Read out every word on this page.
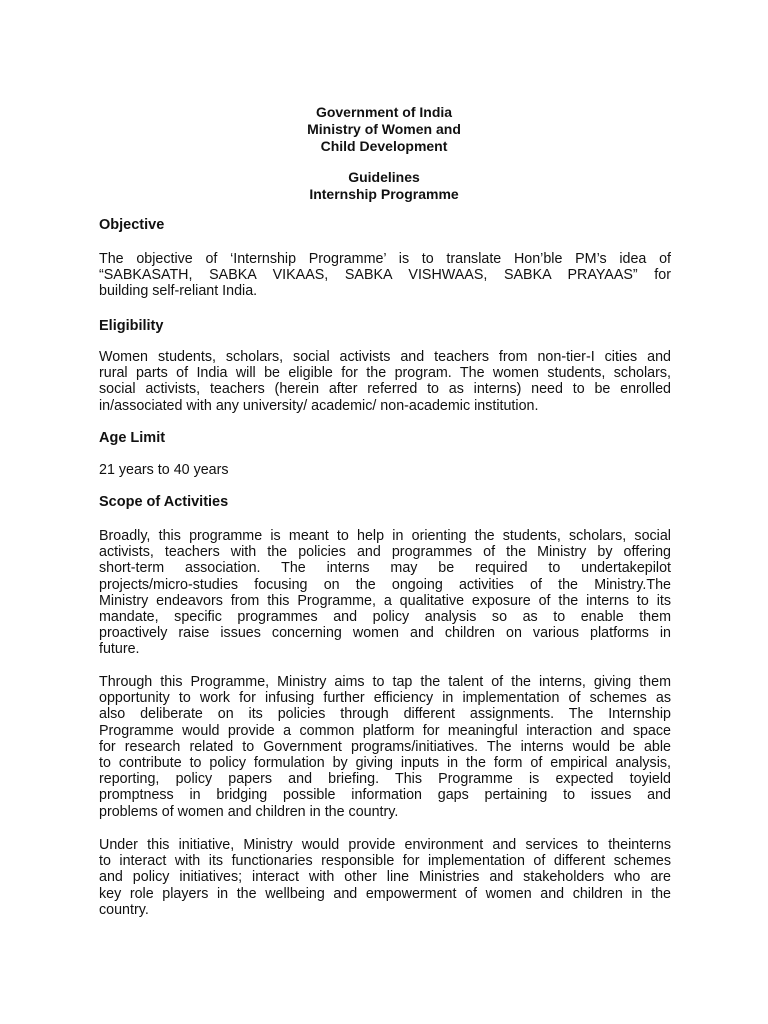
Government of India
Ministry of Women and
Child Development
Guidelines
Internship Programme
Objective
The objective of ‘Internship Programme’ is to translate Hon’ble PM’s idea of
“SABKASATH, SABKA VIKAAS, SABKA VISHWAAS, SABKA PRAYAAS” for
building self-reliant India.
Eligibility
Women students, scholars, social activists and teachers from non-tier-I cities and
rural parts of India will be eligible for the program. The women students, scholars,
social activists, teachers (herein after referred to as interns) need to be enrolled
in/associated with any university/ academic/ non-academic institution.
Age Limit
21 years to 40 years
Scope of Activities
Broadly, this programme is meant to help in orienting the students, scholars, social
activists, teachers with the policies and programmes of the Ministry by offering
short-term association. The interns may be required to undertakepilot
projects/micro-studies focusing on the ongoing activities of the Ministry.The
Ministry endeavors from this Programme, a qualitative exposure of the interns to its
mandate, specific programmes and policy analysis so as to enable them
proactively raise issues concerning women and children on various platforms in
future.
Through this Programme, Ministry aims to tap the talent of the interns, giving them
opportunity to work for infusing further efficiency in implementation of schemes as
also deliberate on its policies through different assignments. The Internship
Programme would provide a common platform for meaningful interaction and space
for research related to Government programs/initiatives. The interns would be able
to contribute to policy formulation by giving inputs in the form of empirical analysis,
reporting, policy papers and briefing. This Programme is expected toyield
promptness in bridging possible information gaps pertaining to issues and
problems of women and children in the country.
Under this initiative, Ministry would provide environment and services to theinterns
to interact with its functionaries responsible for implementation of different schemes
and policy initiatives; interact with other line Ministries and stakeholders who are
key role players in the wellbeing and empowerment of women and children in the
country.
